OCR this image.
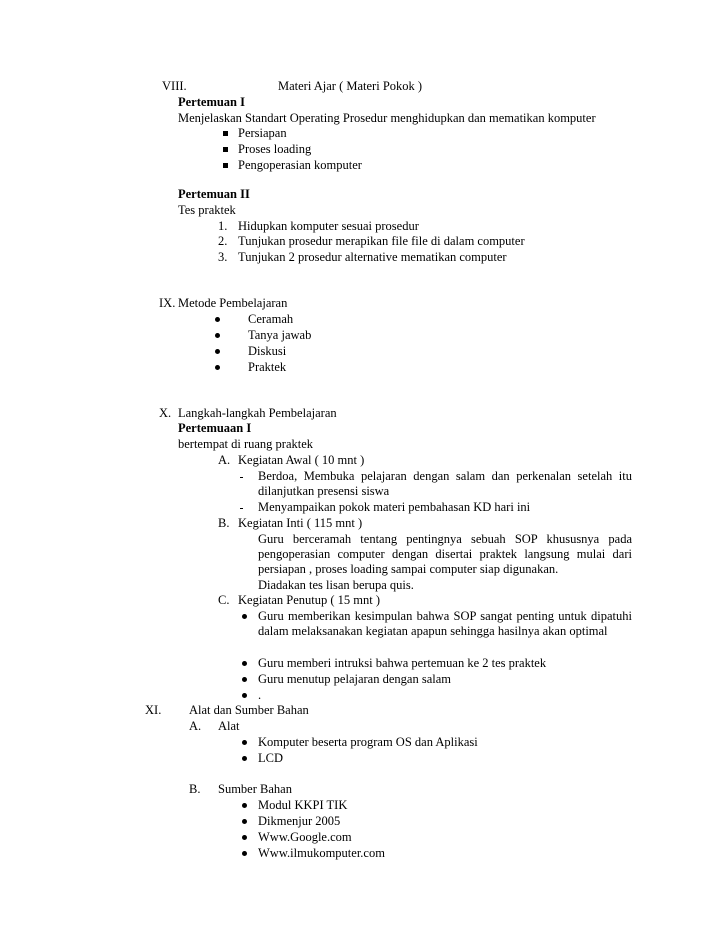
VIII.	Materi Ajar ( Materi Pokok )
Pertemuan I
Menjelaskan Standart Operating Prosedur menghidupkan dan mematikan komputer
Persiapan
Proses loading
Pengoperasian komputer
Pertemuan II
Tes praktek
1. Hidupkan komputer sesuai prosedur
2. Tunjukan prosedur merapikan file file di dalam computer
3. Tunjukan 2 prosedur alternative mematikan computer
IX. Metode Pembelajaran
Ceramah
Tanya jawab
Diskusi
Praktek
X. Langkah-langkah Pembelajaran
Pertemuaan I
bertempat di ruang praktek
A. Kegiatan Awal ( 10 mnt )
Berdoa, Membuka pelajaran dengan salam dan perkenalan setelah itu dilanjutkan presensi siswa
Menyampaikan pokok materi pembahasan KD hari ini
B. Kegiatan Inti ( 115 mnt )
Guru berceramah tentang pentingnya sebuah SOP khususnya pada pengoperasian computer dengan disertai praktek langsung mulai dari persiapan , proses loading sampai computer siap digunakan.
Diadakan tes lisan berupa quis.
C. Kegiatan Penutup ( 15 mnt )
Guru memberikan kesimpulan bahwa SOP sangat penting untuk dipatuhi dalam melaksanakan kegiatan apapun sehingga hasilnya akan optimal
Guru memberi intruksi bahwa pertemuan ke 2 tes praktek
Guru menutup pelajaran dengan salam
.
XI. Alat dan Sumber Bahan
A. Alat
Komputer beserta program OS dan Aplikasi
LCD
B. Sumber Bahan
Modul KKPI TIK
Dikmenjur 2005
Www.Google.com
Www.ilmukomputer.com
